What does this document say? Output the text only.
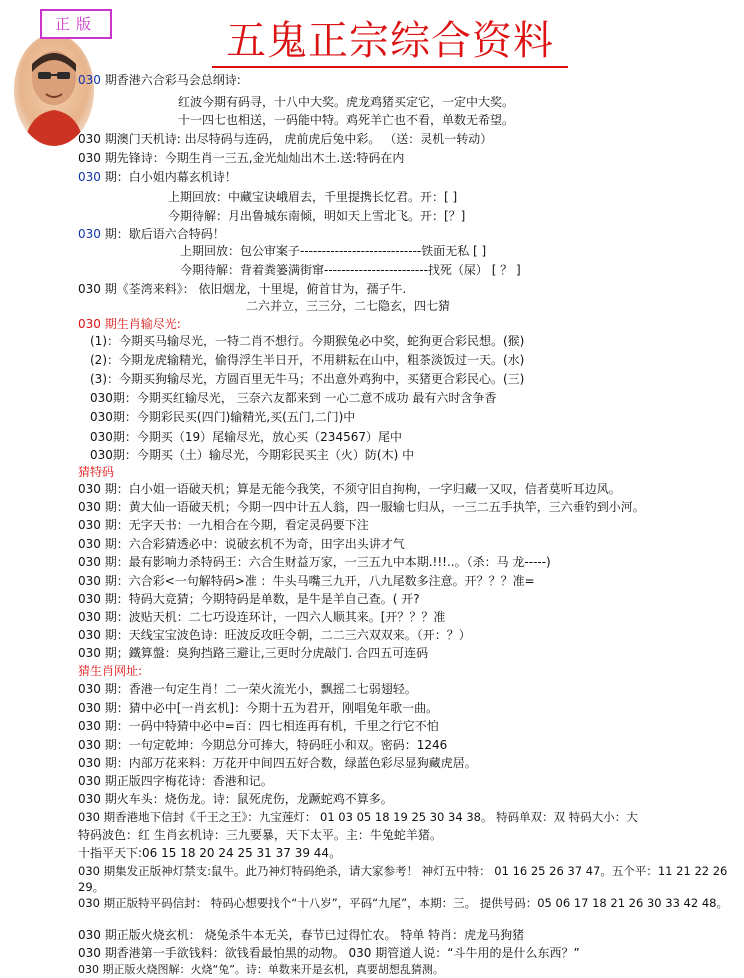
正版	五鬼正宗综合资料
030 期香港六合彩马会总纲诗:
红波今期有码寻，十八中大奖。虎龙鸡猪买定它，一定中大奖。
十一四七也相送，一码能中特。鸡死羊亡也不看，单数无希望。
030 期澳门天机诗: 出尽特码与连码， 虎前虎后兔中彩。 （送：灵机一转动）
030 期先锋诗：今期生肖一三五,金光灿灿出木土.送:特码在内
030 期：白小姐内幕玄机诗！
上期回放：中藏宝诀峨眉去，千里提携长忆君。开：[ ]
今期待解：月出鲁城东南倾，明如天上雪北飞。开：[？]
030 期：歇后语六合特码！
上期回放：包公审案子----------------------------铁面无私 [ ]
今期待解：背着粪篓满街窜------------------------找死（屎） [ ？ ]
030 期《荃湾来料》： 依旧烟龙，十里堤，俯首甘为，孺子牛.
二六并立，三三分，二七隐玄，四七猜
030 期生肖输尽光:
(1)：今期买马输尽光，一特二肖不想行。今期猴兔必中奖，蛇狗更合彩民想。(猴)
(2)：今期龙虎输精光，偷得浮生半日开，不用耕耘在山中，粗茶淡饭过一天。(水)
(3)：今期买狗输尽光，方圆百里无牛马；不出意外鸡狗中，买猪更合彩民心。(三)
030期：今期买红输尽光， 三奈六友都来到 一心二意不成功 最有六时含争香
030期：今期彩民买(四门)输精光,买(五门,二门)中
030期：今期买（19）尾输尽光，放心买（234567）尾中
030期：今期买（土）输尽光，今期彩民买主（火）防(木) 中
猜特码
030 期：白小姐一语破天机；算是无能今我笑，不须守旧自拘枸，一字归藏一又叹，信者莫听耳边风。
030 期：黄大仙一语破天机；今期一四中计五人翁，四一服输七归从，一三二五手执竿，三六垂钓到小河。
030 期：无字天书：一九相合在今期，看定灵码要下注
030 期：六合彩猜透必中：说破玄机不为奇，田字出头讲才气
030 期：最有影响力杀特码王：六合生财益万家，一三五九中本期.!!!..。（杀：马 龙-----)
030 期：六合彩<一句解特码>准 ：牛头马嘴三九开，八九尾数多注意。开？？？准=
030 期：特码大竞猜；今期特码是单数，是牛是羊自己查。( 开?
030 期：波贴天机：二七巧设连环计，一四六人顺其来。[开？？？准
030 期：天线宝宝波色诗：旺波反攻旺令朝，二二三六双双来。（开：？）
030 期；鐵算盤：臭狗挡路三避让,三更时分虎敲门. 合四五可连码
猜生肖网址:
030 期：香港一句定生肖！二一荣火流光小，飘摇二七弱翅轻。
030 期：猜中必中[一肖玄机]：今期十五为君开，刚唱兔年歌一曲。
030 期：一码中特猜中必中=百：四七相连再有机，千里之行它不怕
030 期：一句定乾坤：今期总分可捧大，特码旺小和双。密码：1246
030 期：内部万花来料：万花开中间四五好合数，绿蓝色彩尽显狗藏虎居。
030 期正版四字梅花诗：香港和记。
030 期火车头：烧伤龙。诗：鼠死虎伤，龙蹶蛇鸡不算多。
030 期香港地下信封《千王之王》：九宝莲灯： 01 03 05 18 19 25 30 34 38。 特码单双：双 特码大小：大
特码波色：红 生肖玄机诗：三九要暴，天下太平。主：牛兔蛇羊猪。
十指平天下:06 15 18 20 24 25 31 37 39 44。
030 期集发正版神灯禁支:鼠牛。此乃神灯特码绝杀，请大家参考！ 神灯五中特： 01 16 25 26 37 47。五个平：11 21 22 26 29。
030 期正版特平码信封： 特码心想要找个“十八岁”，平码“九尾”，本期：三。 提供号码：05 06 17 18 21 26 30 33 42 48。
030 期正版火烧玄机： 烧兔杀牛本无关，春节已过得忙农。 特单 特肖：虎龙马狗猪
030 期香港第一手欲钱料：欲钱看最怕黑的动物。 030 期管道人说：“斗牛用的是什么东西？”
030 期正版火烧图解：火烧“兔”。诗：单数来开是玄机，真要胡想乱猜测。
